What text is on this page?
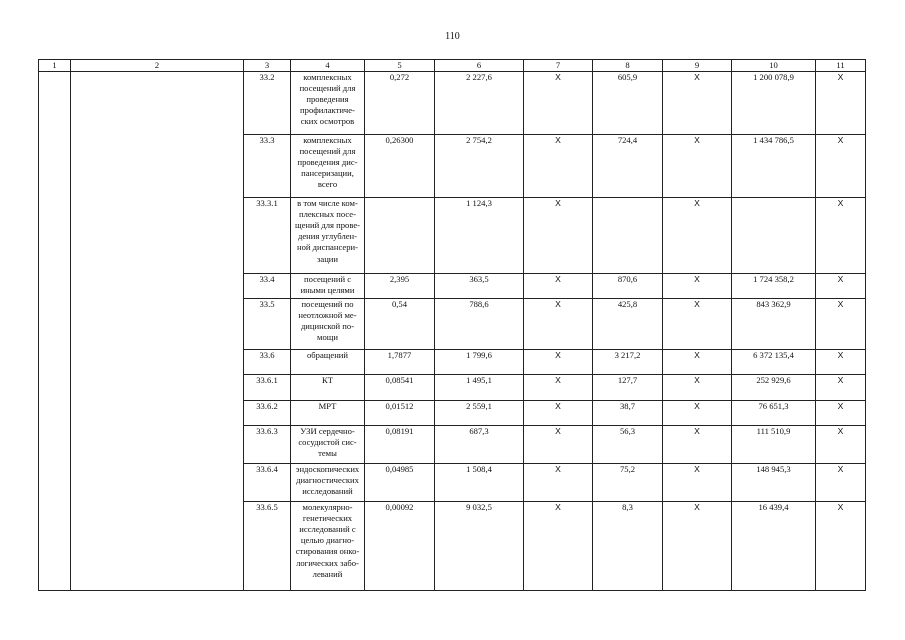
110
1	2	3	4	5	6	7	8	9	10	11
		33.2	комплексных посещений для проведения профилактиче-ских осмотров	0,272	2 227,6	X	605,9	X	1 200 078,9	X
		33.3	комплексных посещений для проведения дис-пансеризации, всего	0,26300	2 754,2	X	724,4	X	1 434 786,5	X
		33.3.1	в том числе ком-плексных посе-щений для прове-дения углублен-ной диспансери-зации		1 124,3	X		X		X
		33.4	посещений с иными целями	2,395	363,5	X	870,6	X	1 724 358,2	X
		33.5	посещений по неотложной ме-дицинской по-мощи	0,54	788,6	X	425,8	X	843 362,9	X
		33.6	обращений	1,7877	1 799,6	X	3 217,2	X	6 372 135,4	X
		33.6.1	КТ	0,08541	1 495,1	X	127,7	X	252 929,6	X
		33.6.2	МРТ	0,01512	2 559,1	X	38,7	X	76 651,3	X
		33.6.3	УЗИ сердечно-сосудистой сис-темы	0,08191	687,3	X	56,3	X	111 510,9	X
		33.6.4	эндоскопических диагностических исследований	0,04985	1 508,4	X	75,2	X	148 945,3	X
		33.6.5	молекулярно-генетических исследований с целью диагно-стирования онко-логических забо-леваний	0,00092	9 032,5	X	8,3	X	16 439,4	X
